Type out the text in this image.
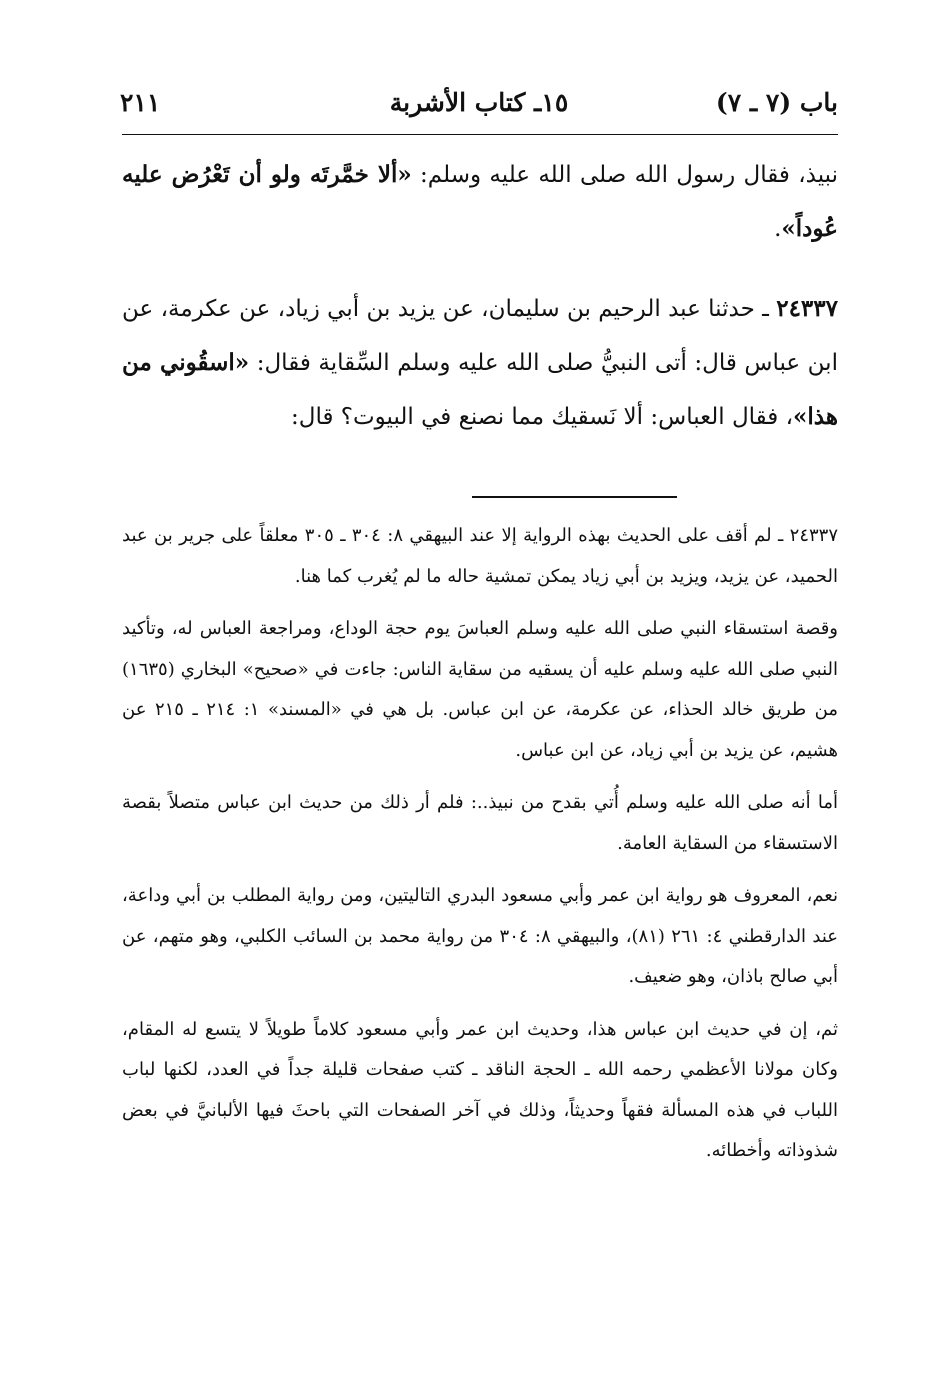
باب (٧ ـ ٧)
١٥ـ كتاب الأشربة
٢١١

نبيذ، فقال رسول الله صلى الله عليه وسلم: «ألا خمَّرتَه ولو أن تَعْرُض عليه عُوداً».

٢٤٣٣٧ ـ حدثنا عبد الرحيم بن سليمان، عن يزيد بن أبي زياد، عن عكرمة، عن ابن عباس قال: أتى النبيُّ صلى الله عليه وسلم السِّقاية فقال: «اسقُوني من هذا»، فقال العباس: ألا نَسقيك مما نصنع في البيوت؟ قال:

٢٤٣٣٧ ـ لم أقف على الحديث بهذه الرواية إلا عند البيهقي ٨: ٣٠٤ ـ ٣٠٥ معلقاً على جرير بن عبد الحميد، عن يزيد، ويزيد بن أبي زياد يمكن تمشية حاله ما لم يُغرب كما هنا.

وقصة استسقاء النبي صلى الله عليه وسلم العباسَ يوم حجة الوداع، ومراجعة العباس له، وتأكيد النبي صلى الله عليه وسلم عليه أن يسقيه من سقاية الناس: جاءت في «صحيح» البخاري (١٦٣٥) من طريق خالد الحذاء، عن عكرمة، عن ابن عباس. بل هي في «المسند» ١: ٢١٤ ـ ٢١٥ عن هشيم، عن يزيد بن أبي زياد، عن ابن عباس.

أما أنه صلى الله عليه وسلم أُتي بقدح من نبيذ..: فلم أر ذلك من حديث ابن عباس متصلاً بقصة الاستسقاء من السقاية العامة.

نعم، المعروف هو رواية ابن عمر وأبي مسعود البدري التاليتين، ومن رواية المطلب بن أبي وداعة، عند الدارقطني ٤: ٢٦١ (٨١)، والبيهقي ٨: ٣٠٤ من رواية محمد بن السائب الكلبي، وهو متهم، عن أبي صالح باذان، وهو ضعيف.

ثم، إن في حديث ابن عباس هذا، وحديث ابن عمر وأبي مسعود كلاماً طويلاً لا يتسع له المقام، وكان مولانا الأعظمي رحمه الله ـ الحجة الناقد ـ كتب صفحات قليلة جداً في العدد، لكنها لباب اللباب في هذه المسألة فقهاً وحديثاً، وذلك في آخر الصفحات التي باحثَ فيها الألبانيَّ في بعض شذوذاته وأخطائه.
